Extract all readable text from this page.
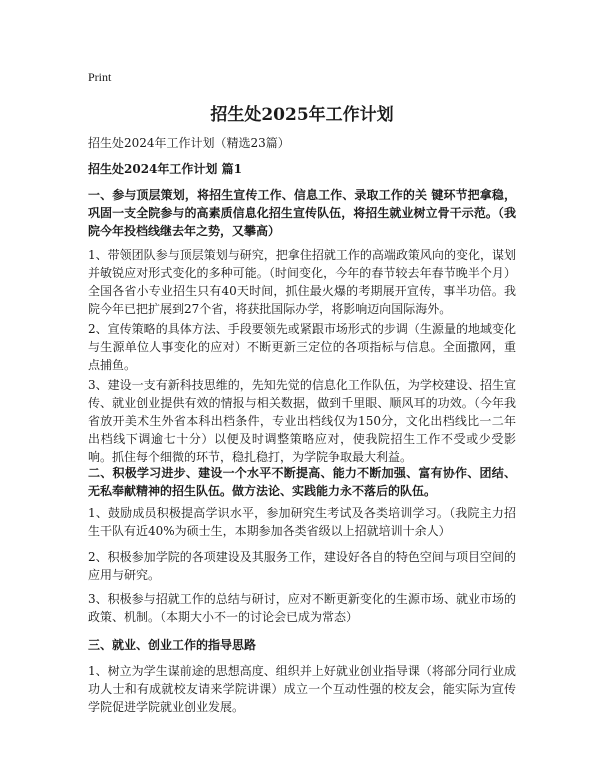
Print
招生处2025年工作计划

招生处2024年工作计划（精选23篇）

招生处2024年工作计划 篇1

一、参与顶层策划，将招生宣传工作、信息工作、录取工作的关 键环节把拿稳，巩固一支全院参与的高素质信息化招生宣传队伍，将招生就业树立骨干示范。（我院今年投档线继去年之势，又攀高）

1、带领团队参与顶层策划与研究，把拿住招就工作的高端政策风向的变化，谋划并敏锐应对形式变化的多种可能。（时间变化，今年的春节较去年春节晚半个月）全国各省小专业招生只有40天时间，抓住最火爆的考期展开宣传，事半功倍。我院今年已把扩展到27个省，将获批国际办学，将影响迈向国际海外。

2、宣传策略的具体方法、手段要领先或紧跟市场形式的步调（生源量的地域变化与生源单位人事变化的应对）不断更新三定位的各项指标与信息。全面撒网，重点捕鱼。

3、建设一支有新科技思维的，先知先觉的信息化工作队伍，为学校建设、招生宣传、就业创业提供有效的情报与相关数据，做到千里眼、顺风耳的功效。（今年我省放开美术生外省本科出档条件，专业出档线仅为150分，文化出档线比一二年出档线下调逾七十分）以便及时调整策略应对，使我院招生工作不受或少受影响。抓住每个细微的环节，稳扎稳打，为学院争取最大利益。

二、积极学习进步、建设一个水平不断提高、能力不断加强、富有协作、团结、无私奉献精神的招生队伍。做方法论、实践能力永不落后的队伍。

1、鼓励成员积极提高学识水平，参加研究生考试及各类培训学习。（我院主力招生干队有近40%为硕士生，本期参加各类省级以上招就培训十余人）

2、积极参加学院的各项建设及其服务工作，建设好各自的特色空间与项目空间的应用与研究。

3、积极参与招就工作的总结与研讨，应对不断更新变化的生源市场、就业市场的政策、机制。（本期大小不一的讨论会已成为常态）

三、就业、创业工作的指导思路

1、树立为学生谋前途的思想高度、组织并上好就业创业指导课（将部分同行业成功人士和有成就校友请来学院讲课）成立一个互动性强的校友会，能实际为宣传学院促进学院就业创业发展。
